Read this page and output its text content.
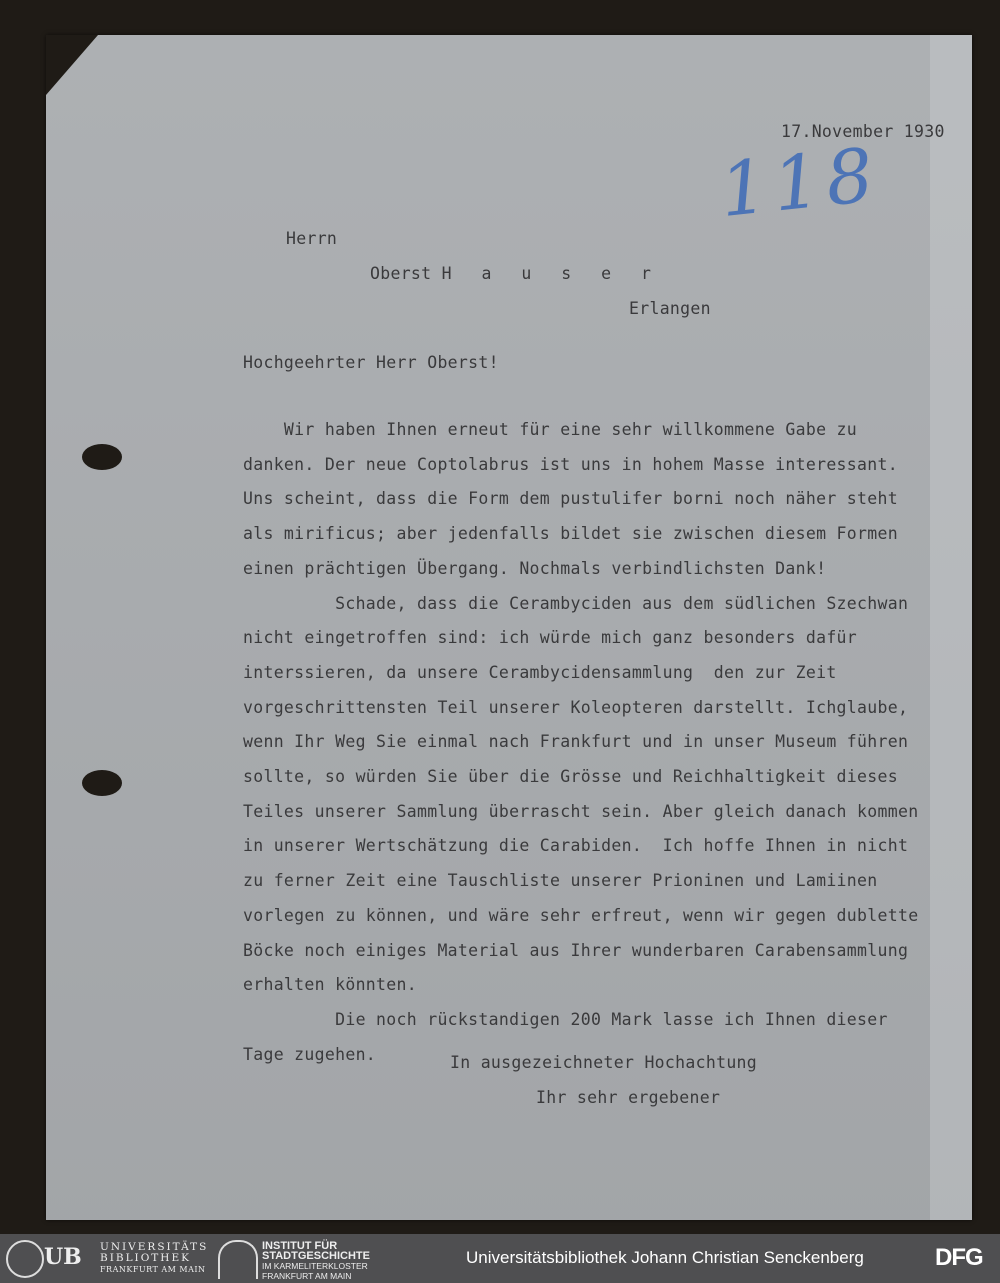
17.November 1930
118
Herrn
Oberst H a u s e r
Erlangen
Hochgeehrter Herr Oberst!
Wir haben Ihnen erneut für eine sehr willkommene Gabe zu
danken. Der neue Coptolabrus ist uns in hohem Masse interessant.
Uns scheint, dass die Form dem pustulifer borni noch näher steht
als mirificus; aber jedenfalls bildet sie zwischen diesem Formen
einen prächtigen Übergang. Nochmals verbindlichsten Dank!
Schade, dass die Cerambyciden aus dem südlichen Szechwan
nicht eingetroffen sind: ich würde mich ganz besonders dafür
interssieren, da unsere Cerambycidensammlung  den zur Zeit
vorgeschrittensten Teil unserer Koleopteren darstellt. Ichglaube,
wenn Ihr Weg Sie einmal nach Frankfurt und in unser Museum führen
sollte, so würden Sie über die Grösse und Reichhaltigkeit dieses
Teiles unserer Sammlung überrascht sein. Aber gleich danach kommen
in unserer Wertschätzung die Carabiden.  Ich hoffe Ihnen in nicht
zu ferner Zeit eine Tauschliste unserer Prioninen und Lamiinen
vorlegen zu können, und wäre sehr erfreut, wenn wir gegen dublette
Böcke noch einiges Material aus Ihrer wunderbaren Carabensammlung
erhalten könnten.
Die noch rückstandigen 200 Mark lasse ich Ihnen dieser
Tage zugehen.	In ausgezeichneter Hochachtung
Ihr sehr ergebener
UB UNIVERSITÄTS
BIBLIOTHEK
FRANKFURT AM MAIN
INSTITUT FÜR
STADTGESCHICHTE
IM KARMELITERKLOSTER
FRANKFURT AM MAIN
Universitätsbibliothek Johann Christian Senckenberg	DFG
